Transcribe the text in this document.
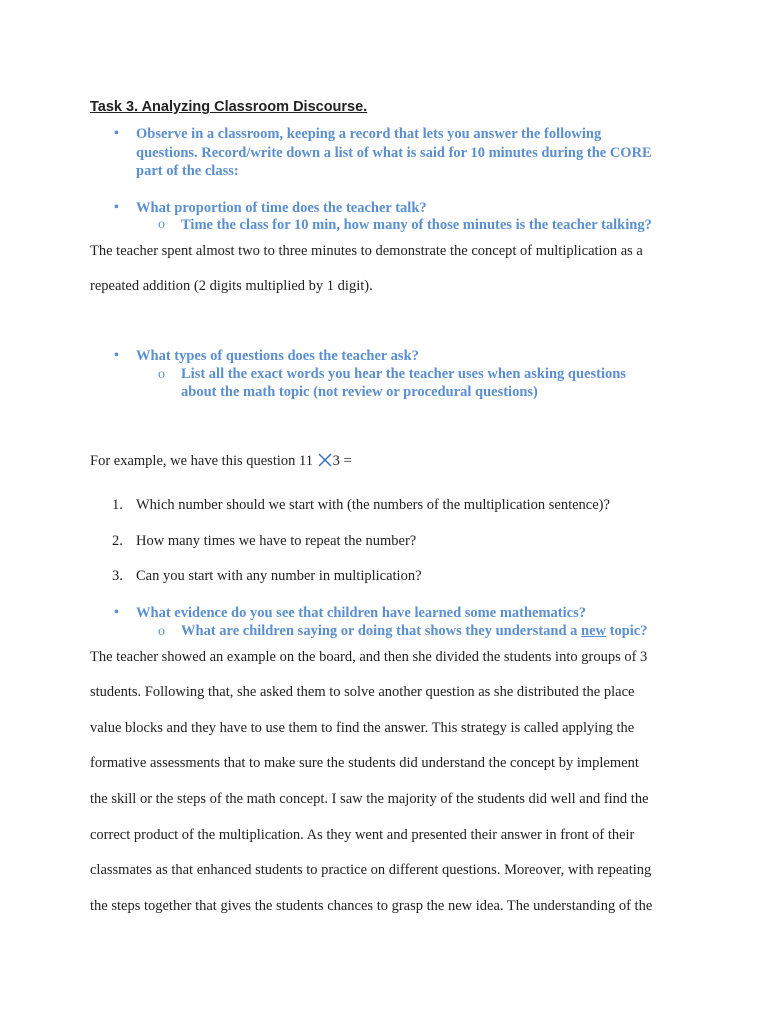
Task 3. Analyzing Classroom Discourse.
• Observe in a classroom, keeping a record that lets you answer the following
questions. Record/write down a list of what is said for 10 minutes during the CORE
part of the class:
• What proportion of time does the teacher talk?
o Time the class for 10 min, how many of those minutes is the teacher talking?
The teacher spent almost two to three minutes to demonstrate the concept of multiplication as a
repeated addition (2 digits multiplied by 1 digit).
• What types of questions does the teacher ask?
o List all the exact words you hear the teacher uses when asking questions
about the math topic (not review or procedural questions)
For example, we have this question 11 3 =
1. Which number should we start with (the numbers of the multiplication sentence)?
2. How many times we have to repeat the number?
3. Can you start with any number in multiplication?
• What evidence do you see that children have learned some mathematics?
o What are children saying or doing that shows they understand a new topic?
The teacher showed an example on the board, and then she divided the students into groups of 3
students. Following that, she asked them to solve another question as she distributed the place
value blocks and they have to use them to find the answer. This strategy is called applying the
formative assessments that to make sure the students did understand the concept by implement
the skill or the steps of the math concept. I saw the majority of the students did well and find the
correct product of the multiplication. As they went and presented their answer in front of their
classmates as that enhanced students to practice on different questions. Moreover, with repeating
the steps together that gives the students chances to grasp the new idea. The understanding of the
